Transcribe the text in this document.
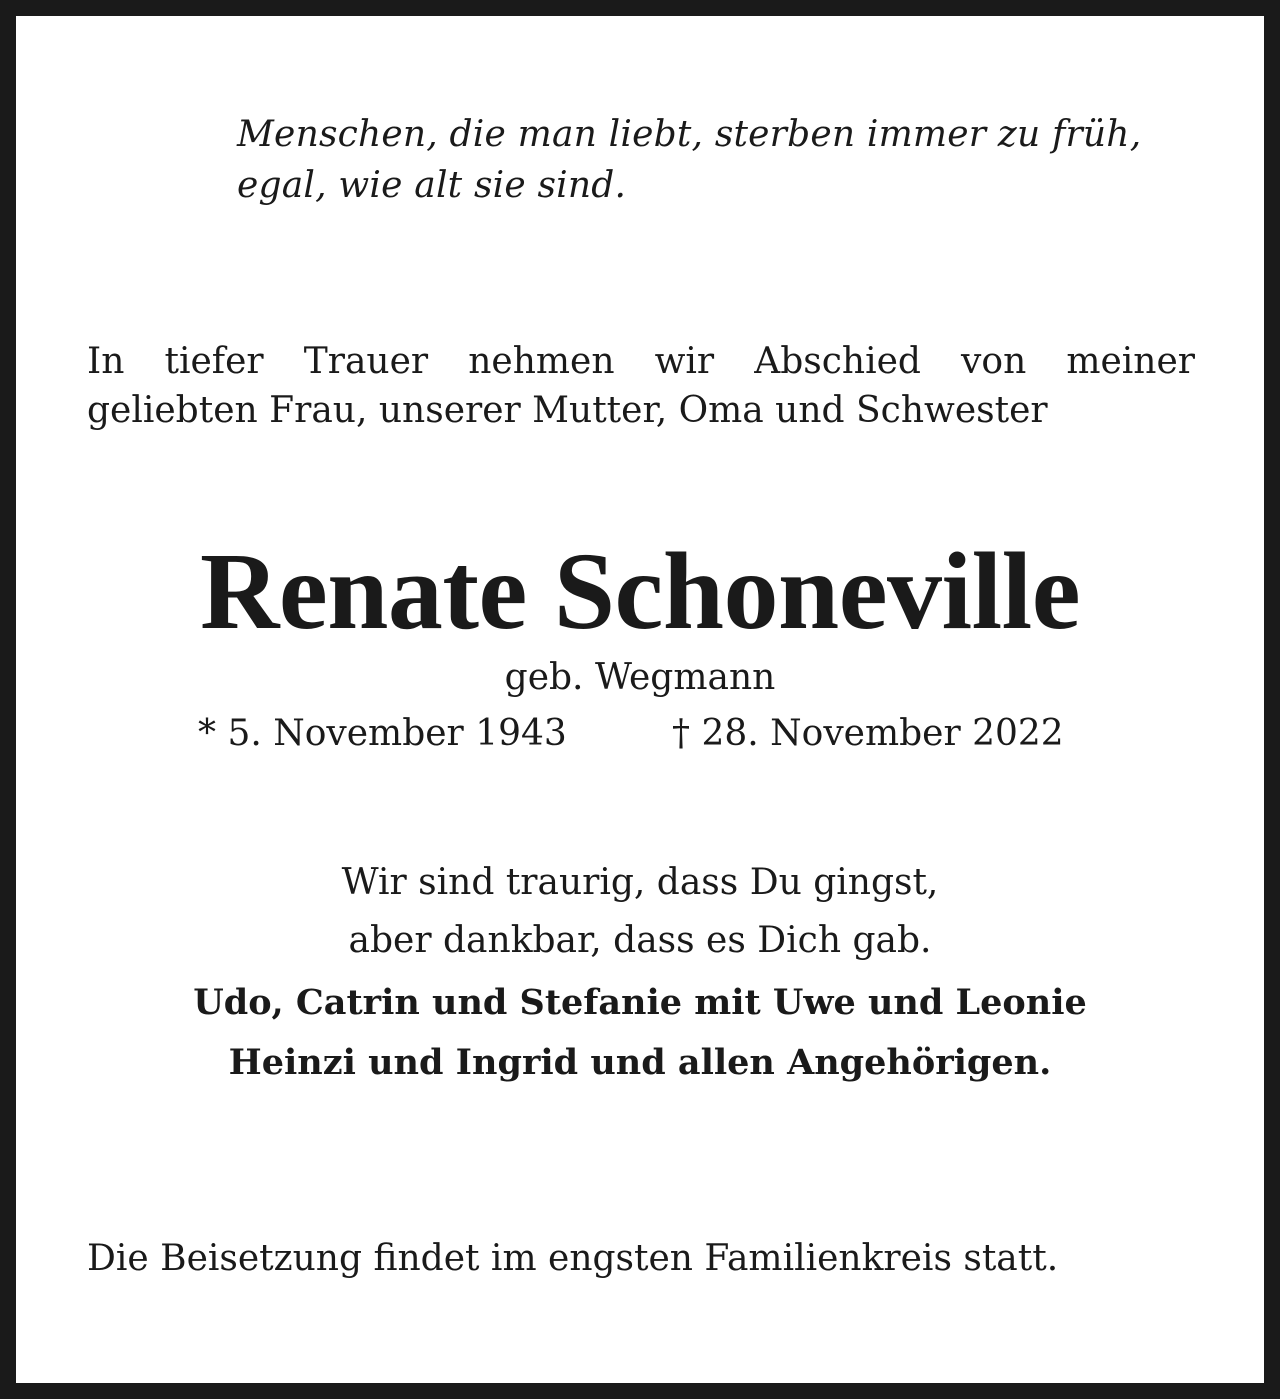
Menschen, die man liebt, sterben immer zu früh,
egal, wie alt sie sind.
In tiefer Trauer nehmen wir Abschied von meiner
geliebten Frau, unserer Mutter, Oma und Schwester
Renate Schoneville
geb. Wegmann
* 5. November 1943	† 28. November 2022
Wir sind traurig, dass Du gingst,
aber dankbar, dass es Dich gab.
Udo, Catrin und Stefanie mit Uwe und Leonie
Heinzi und Ingrid und allen Angehörigen.
Die Beisetzung findet im engsten Familienkreis statt.
